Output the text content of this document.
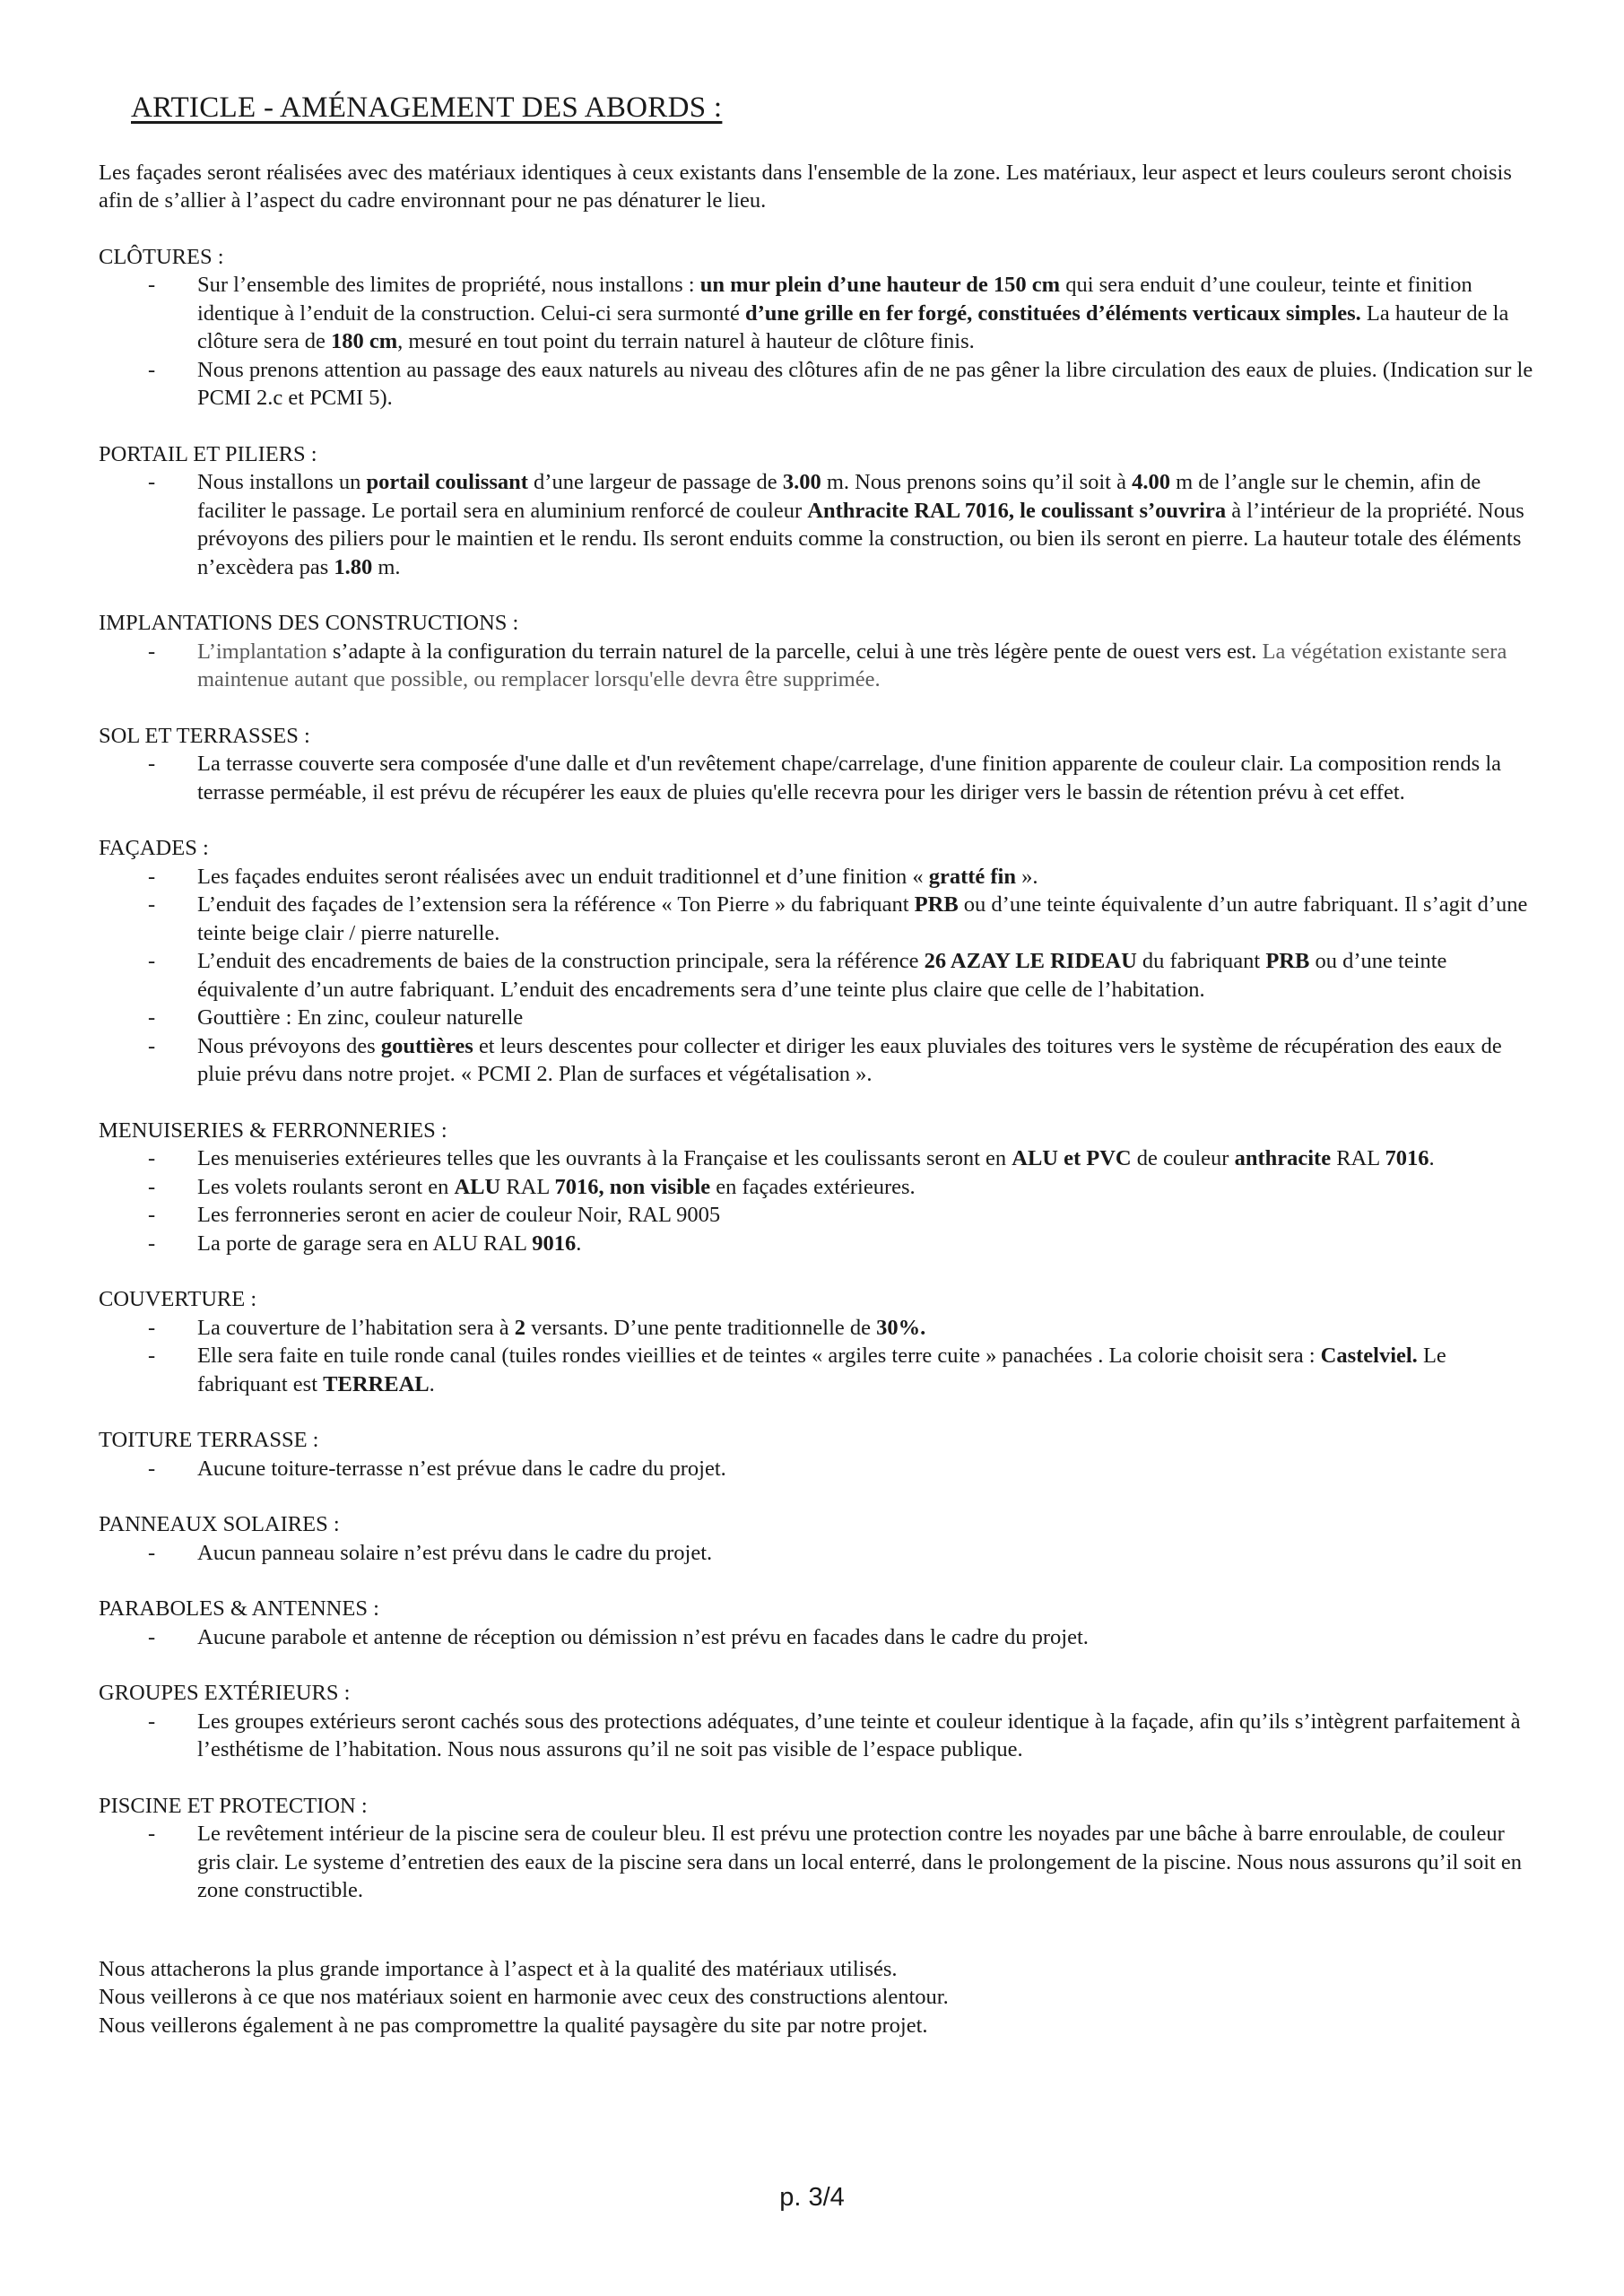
ARTICLE - AMÉNAGEMENT DES ABORDS :

Les façades seront réalisées avec des matériaux identiques à ceux existants dans l'ensemble de la zone. Les matériaux, leur aspect et leurs couleurs seront choisis afin de s’allier à l’aspect du cadre environnant pour ne pas dénaturer le lieu.

CLÔTURES :
- Sur l’ensemble des limites de propriété, nous installons : un mur plein d’une hauteur de 150 cm qui sera enduit d’une couleur, teinte et finition identique à l’enduit de la construction. Celui-ci sera surmonté d’une grille en fer forgé, constituées d’éléments verticaux simples. La hauteur de la clôture sera de 180 cm, mesuré en tout point du terrain naturel à hauteur de clôture finis.
- Nous prenons attention au passage des eaux naturels au niveau des clôtures afin de ne pas gêner la libre circulation des eaux de pluies. (Indication sur le PCMI 2.c et PCMI 5).
PORTAIL ET PILIERS :
- Nous installons un portail coulissant d’une largeur de passage de 3.00 m. Nous prenons soins qu’il soit à 4.00 m de l’angle sur le chemin, afin de faciliter le passage. Le portail sera en aluminium renforcé de couleur Anthracite RAL 7016, le coulissant s’ouvrira à l’intérieur de la propriété. Nous prévoyons des piliers pour le maintien et le rendu. Ils seront enduits comme la construction, ou bien ils seront en pierre. La hauteur totale des éléments n’excèdera pas 1.80 m.
IMPLANTATIONS DES CONSTRUCTIONS :
- L’implantation s’adapte à la configuration du terrain naturel de la parcelle, celui à une très légère pente de ouest vers est. La végétation existante sera maintenue autant que possible, ou remplacer lorsqu'elle devra être supprimée.
SOL ET TERRASSES :
- La terrasse couverte sera composée d'une dalle et d'un revêtement chape/carrelage, d'une finition apparente de couleur clair. La composition rends la terrasse perméable, il est prévu de récupérer les eaux de pluies qu'elle recevra pour les diriger vers le bassin de rétention prévu à cet effet.
FAÇADES :
- Les façades enduites seront réalisées avec un enduit traditionnel et d’une finition « gratté fin ».
- L’enduit des façades de l’extension sera la référence « Ton Pierre » du fabriquant PRB ou d’une teinte équivalente d’un autre fabriquant. Il s’agit d’une teinte beige clair / pierre naturelle.
- L’enduit des encadrements de baies de la construction principale, sera la référence 26 AZAY LE RIDEAU du fabriquant PRB ou d’une teinte équivalente d’un autre fabriquant. L’enduit des encadrements sera d’une teinte plus claire que celle de l’habitation.
- Gouttière : En zinc, couleur naturelle
- Nous prévoyons des gouttières et leurs descentes pour collecter et diriger les eaux pluviales des toitures vers le système de récupération des eaux de pluie prévu dans notre projet. « PCMI 2. Plan de surfaces et végétalisation ».
MENUISERIES & FERRONNERIES :
- Les menuiseries extérieures telles que les ouvrants à la Française et les coulissants seront en ALU et PVC de couleur anthracite RAL 7016.
- Les volets roulants seront en ALU RAL 7016, non visible en façades extérieures.
- Les ferronneries seront en acier de couleur Noir, RAL 9005
- La porte de garage sera en ALU RAL 9016.
COUVERTURE :
- La couverture de l’habitation sera à 2 versants. D’une pente traditionnelle de 30%.
- Elle sera faite en tuile ronde canal (tuiles rondes vieillies et de teintes « argiles terre cuite » panachées . La colorie choisit sera : Castelviel. Le fabriquant est TERREAL.
TOITURE TERRASSE :
- Aucune toiture-terrasse n’est prévue dans le cadre du projet.
PANNEAUX SOLAIRES :
- Aucun panneau solaire n’est prévu dans le cadre du projet.
PARABOLES & ANTENNES :
- Aucune parabole et antenne de réception ou démission n’est prévu en facades dans le cadre du projet.
GROUPES EXTÉRIEURS :
- Les groupes extérieurs seront cachés sous des protections adéquates, d’une teinte et couleur identique à la façade, afin qu’ils s’intègrent parfaitement à l’esthétisme de l’habitation. Nous nous assurons qu’il ne soit pas visible de l’espace publique.
PISCINE ET PROTECTION :
- Le revêtement intérieur de la piscine sera de couleur bleu. Il est prévu une protection contre les noyades par une bâche à barre enroulable, de couleur gris clair. Le systeme d’entretien des eaux de la piscine sera dans un local enterré, dans le prolongement de la piscine. Nous nous assurons qu’il soit en zone constructible.

Nous attacherons la plus grande importance à l’aspect et à la qualité des matériaux utilisés.

Nous veillerons à ce que nos matériaux soient en harmonie avec ceux des constructions alentour.

Nous veillerons également à ne pas compromettre la qualité paysagère du site par notre projet.

p. 3/4
